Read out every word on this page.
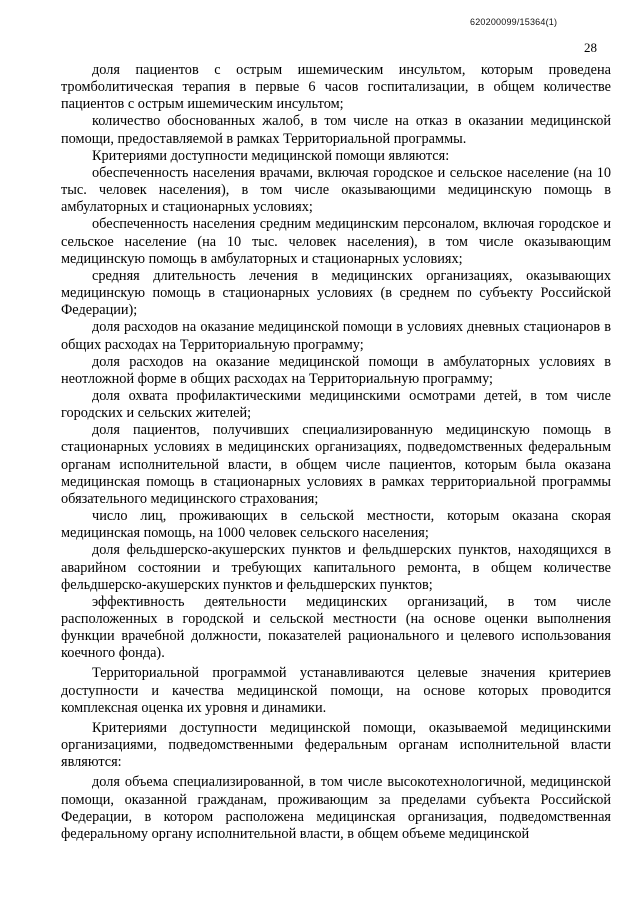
620200099/15364(1)
28

доля пациентов с острым ишемическим инсультом, которым проведена тромболитическая терапия в первые 6 часов госпитализации, в общем количестве пациентов с острым ишемическим инсультом;

количество обоснованных жалоб, в том числе на отказ в оказании медицинской помощи, предоставляемой в рамках Территориальной программы.

Критериями доступности медицинской помощи являются:

обеспеченность населения врачами, включая городское и сельское население (на 10 тыс. человек населения), в том числе оказывающими медицинскую помощь в амбулаторных и стационарных условиях;

обеспеченность населения средним медицинским персоналом, включая городское и сельское население (на 10 тыс. человек населения), в том числе оказывающим медицинскую помощь в амбулаторных и стационарных условиях;

средняя длительность лечения в медицинских организациях, оказывающих медицинскую помощь в стационарных условиях (в среднем по субъекту Российской Федерации);

доля расходов на оказание медицинской помощи в условиях дневных стационаров в общих расходах на Территориальную программу;

доля расходов на оказание медицинской помощи в амбулаторных условиях в неотложной форме в общих расходах на Территориальную программу;

доля охвата профилактическими медицинскими осмотрами детей, в том числе городских и сельских жителей;

доля пациентов, получивших специализированную медицинскую помощь в стационарных условиях в медицинских организациях, подведомственных федеральным органам исполнительной власти, в общем числе пациентов, которым была оказана медицинская помощь в стационарных условиях в рамках территориальной программы обязательного медицинского страхования;

число лиц, проживающих в сельской местности, которым оказана скорая медицинская помощь, на 1000 человек сельского населения;

доля фельдшерско-акушерских пунктов и фельдшерских пунктов, находящихся в аварийном состоянии и требующих капитального ремонта, в общем количестве фельдшерско-акушерских пунктов и фельдшерских пунктов;

эффективность деятельности медицинских организаций, в том числе расположенных в городской и сельской местности (на основе оценки выполнения функции врачебной должности, показателей рационального и целевого использования коечного фонда).

Территориальной программой устанавливаются целевые значения критериев доступности и качества медицинской помощи, на основе которых проводится комплексная оценка их уровня и динамики.

Критериями доступности медицинской помощи, оказываемой медицинскими организациями, подведомственными федеральным органам исполнительной власти являются:

доля объема специализированной, в том числе высокотехнологичной, медицинской помощи, оказанной гражданам, проживающим за пределами субъекта Российской Федерации, в котором расположена медицинская организация, подведомственная федеральному органу исполнительной власти, в общем объеме медицинской
